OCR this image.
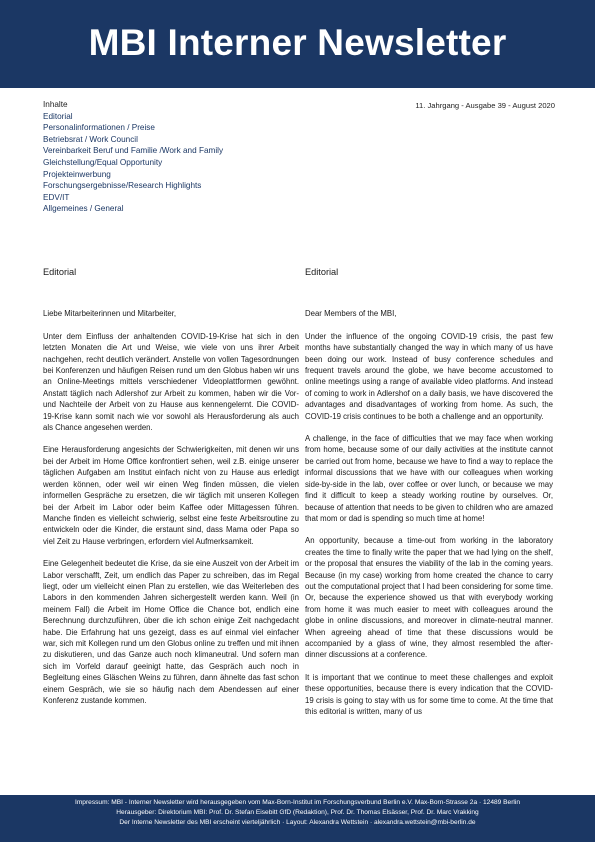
MBI Interner Newsletter
Inhalte
Editorial
Personalinformationen / Preise
Betriebsrat / Work Council
Vereinbarkeit Beruf und Familie /Work and Family
Gleichstellung/Equal Opportunity
Projekteinwerbung
Forschungsergebnisse/Research Highlights
EDV/IT
Allgemeines / General
11. Jahrgang - Ausgabe 39 - August 2020
Editorial

Liebe Mitarbeiterinnen und Mitarbeiter,

Unter dem Einfluss der anhaltenden COVID-19-Krise hat sich in den letzten Monaten die Art und Weise, wie viele von uns ihrer Arbeit nachgehen, recht deutlich verändert. Anstelle von vollen Tagesordnungen bei Konferenzen und häufigen Reisen rund um den Globus haben wir uns an Online-Meetings mittels verschiedener Videoplattformen gewöhnt. Anstatt täglich nach Adlershof zur Arbeit zu kommen, haben wir die Vor- und Nachteile der Arbeit von zu Hause aus kennengelernt. Die COVID-19-Krise kann somit nach wie vor sowohl als Herausforderung als auch als Chance angesehen werden.

Eine Herausforderung angesichts der Schwierigkeiten, mit denen wir uns bei der Arbeit im Home Office konfrontiert sehen, weil z.B. einige unserer täglichen Aufgaben am Institut einfach nicht von zu Hause aus erledigt werden können, oder weil wir einen Weg finden müssen, die vielen informellen Gespräche zu ersetzen, die wir täglich mit unseren Kollegen bei der Arbeit im Labor oder beim Kaffee oder Mittagessen führen. Manche finden es vielleicht schwierig, selbst eine feste Arbeitsroutine zu entwickeln oder die Kinder, die erstaunt sind, dass Mama oder Papa so viel Zeit zu Hause verbringen, erfordern viel Aufmerksamkeit.

Eine Gelegenheit bedeutet die Krise, da sie eine Auszeit von der Arbeit im Labor verschafft, Zeit, um endlich das Paper zu schreiben, das im Regal liegt, oder um vielleicht einen Plan zu erstellen, wie das Weiterleben des Labors in den kommenden Jahren sichergestellt werden kann. Weil (in meinem Fall) die Arbeit im Home Office die Chance bot, endlich eine Berechnung durchzuführen, über die ich schon einige Zeit nachgedacht habe. Die Erfahrung hat uns gezeigt, dass es auf einmal viel einfacher war, sich mit Kollegen rund um den Globus online zu treffen und mit ihnen zu diskutieren, und das Ganze auch noch klimaneutral. Und sofern man sich im Vorfeld darauf geeinigt hatte, das Gespräch auch noch in Begleitung eines Gläschen Weins zu führen, dann ähnelte das fast schon einem Gespräch, wie sie so häufig nach dem Abendessen auf einer Konferenz zustande kommen.

Editorial

Dear Members of the MBI,

Under the influence of the ongoing COVID-19 crisis, the past few months have substantially changed the way in which many of us have been doing our work. Instead of busy conference schedules and frequent travels around the globe, we have become accustomed to online meetings using a range of available video platforms. And instead of coming to work in Adlershof on a daily basis, we have discovered the advantages and disadvantages of working from home. As such, the COVID-19 crisis continues to be both a challenge and an opportunity.

A challenge, in the face of difficulties that we may face when working from home, because some of our daily activities at the institute cannot be carried out from home, because we have to find a way to replace the informal discussions that we have with our colleagues when working side-by-side in the lab, over coffee or over lunch, or because we may find it difficult to keep a steady working routine by ourselves. Or, because of attention that needs to be given to children who are amazed that mom or dad is spending so much time at home!

An opportunity, because a time-out from working in the laboratory creates the time to finally write the paper that we had lying on the shelf, or the proposal that ensures the viability of the lab in the coming years. Because (in my case) working from home created the chance to carry out the computational project that I had been considering for some time. Or, because the experience showed us that with everybody working from home it was much easier to meet with colleagues around the globe in online discussions, and moreover in climate-neutral manner. When agreeing ahead of time that these discussions would be accompanied by a glass of wine, they almost resembled the after-dinner discussions at a conference.

It is important that we continue to meet these challenges and exploit these opportunities, because there is every indication that the COVID-19 crisis is going to stay with us for some time to come. At the time that this editorial is written, many of us

Impressum: MBI - Interner Newsletter wird herausgegeben vom Max-Born-Institut im Forschungsverbund Berlin e.V. Max-Born-Strasse 2a · 12489 Berlin
Herausgeber: Direktorium MBI: Prof. Dr. Stefan Eisebitt GfD (Redaktion), Prof. Dr. Thomas Elsässer, Prof. Dr. Marc Vrakking
Der Interne Newsletter des MBI erscheint vierteljährlich · Layout: Alexandra Wettstein · alexandra.wettstein@mbi-berlin.de
